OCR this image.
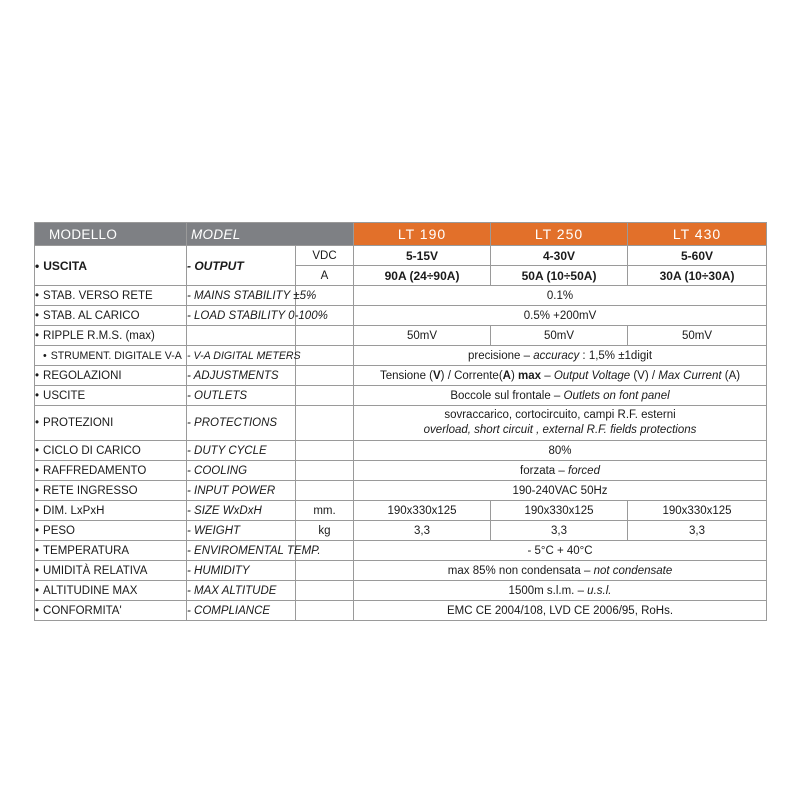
MODELLO	MODEL		LT 190	LT 250	LT 430
• USCITA	- OUTPUT	VDC	5-15V	4-30V	5-60V
		A	90A (24÷90A)	50A (10÷50A)	30A (10÷30A)
• STAB. VERSO RETE	- MAINS STABILITY ±5%		0.1%		
• STAB. AL CARICO	- LOAD STABILITY 0-100%		0.5% +200mV		
• RIPPLE R.M.S. (max)			50mV	50mV	50mV
• STRUMENT. DIGITALE V-A	- V-A DIGITAL METERS		precisione – accuracy : 1,5% ±1digit		
• REGOLAZIONI	- ADJUSTMENTS		Tensione (V) / Corrente(A) max – Output Voltage (V) / Max Current (A)		
• USCITE	- OUTLETS		Boccole sul frontale – Outlets on font panel		
• PROTEZIONI	- PROTECTIONS		sovraccarico, cortocircuito, campi R.F. esterni
overload, short circuit , external R.F. fields protections		

• CICLO DI CARICO	- DUTY CYCLE		80%		
• RAFFREDAMENTO	- COOLING		forzata – forced		
• RETE INGRESSO	- INPUT POWER		190-240VAC 50Hz		
• DIM. LxPxH	- SIZE WxDxH	mm.	190x330x125	190x330x125	190x330x125
• PESO	- WEIGHT	kg	3,3	3,3	3,3
• TEMPERATURA	- ENVIROMENTAL TEMP.		- 5°C + 40°C		
• UMIDITÀ RELATIVA	- HUMIDITY		max 85% non condensata – not condensate		
• ALTITUDINE MAX	- MAX ALTITUDE		1500m s.l.m. – u.s.l.		
• CONFORMITA'	- COMPLIANCE		EMC CE 2004/108, LVD CE 2006/95, RoHs.		
